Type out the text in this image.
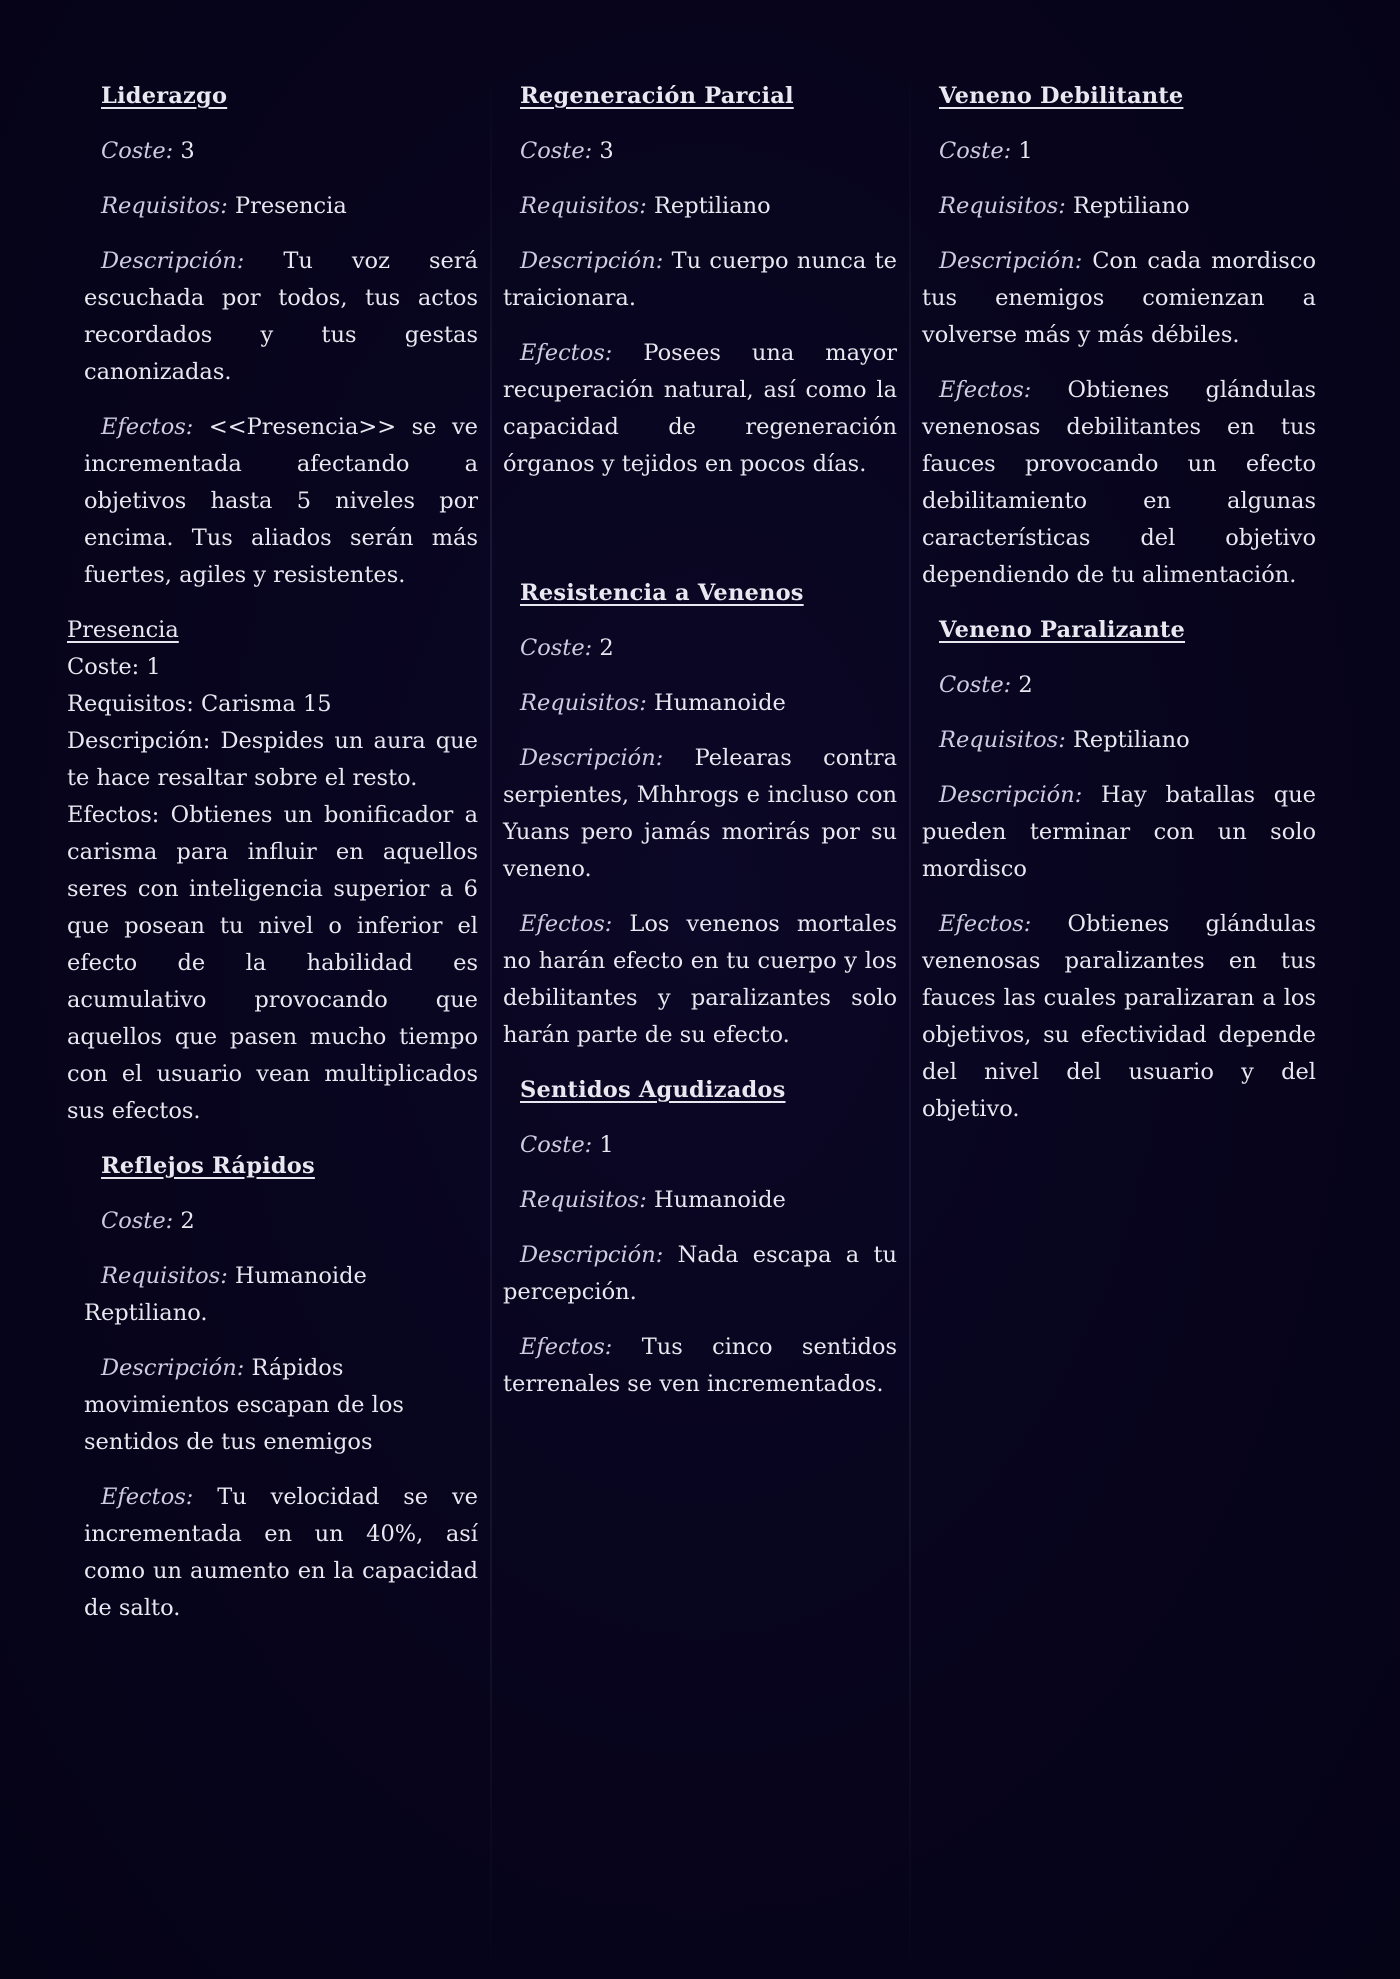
Liderazgo

Coste: 3

Requisitos: Presencia

Descripción: Tu voz será escuchada por todos, tus actos recordados y tus gestas canonizadas.

Efectos: <<Presencia>> se ve incrementada afectando a objetivos hasta 5 niveles por encima. Tus aliados serán más fuertes, agiles y resistentes.

Presencia
Coste: 1
Requisitos: Carisma 15
Descripción: Despides un aura que te hace resaltar sobre el resto.
Efectos: Obtienes un bonificador a carisma para influir en aquellos seres con inteligencia superior a 6 que posean tu nivel o inferior el efecto de la habilidad es acumulativo provocando que aquellos que pasen mucho tiempo con el usuario vean multiplicados sus efectos.
Reflejos Rápidos

Coste: 2

Requisitos: Humanoide Reptiliano.

Descripción: Rápidos movimientos escapan de los sentidos de tus enemigos

Efectos: Tu velocidad se ve incrementada en un 40%, así como un aumento en la capacidad de salto.

Regeneración Parcial

Coste: 3

Requisitos: Reptiliano

Descripción: Tu cuerpo nunca te traicionara.

Efectos: Posees una mayor recuperación natural, así como la capacidad de regeneración órganos y tejidos en pocos días.

Resistencia a Venenos

Coste: 2

Requisitos: Humanoide

Descripción: Pelearas contra serpientes, Mhhrogs e incluso con Yuans pero jamás morirás por su veneno.

Efectos: Los venenos mortales no harán efecto en tu cuerpo y los debilitantes y paralizantes solo harán parte de su efecto.

Sentidos Agudizados

Coste: 1

Requisitos: Humanoide

Descripción: Nada escapa a tu percepción.

Efectos: Tus cinco sentidos terrenales se ven incrementados.

Veneno Debilitante

Coste: 1

Requisitos: Reptiliano

Descripción: Con cada mordisco tus enemigos comienzan a volverse más y más débiles.

Efectos: Obtienes glándulas venenosas debilitantes en tus fauces provocando un efecto debilitamiento en algunas características del objetivo dependiendo de tu alimentación.

Veneno Paralizante

Coste: 2

Requisitos: Reptiliano

Descripción: Hay batallas que pueden terminar con un solo mordisco

Efectos: Obtienes glándulas venenosas paralizantes en tus fauces las cuales paralizaran a los objetivos, su efectividad depende del nivel del usuario y del objetivo.
